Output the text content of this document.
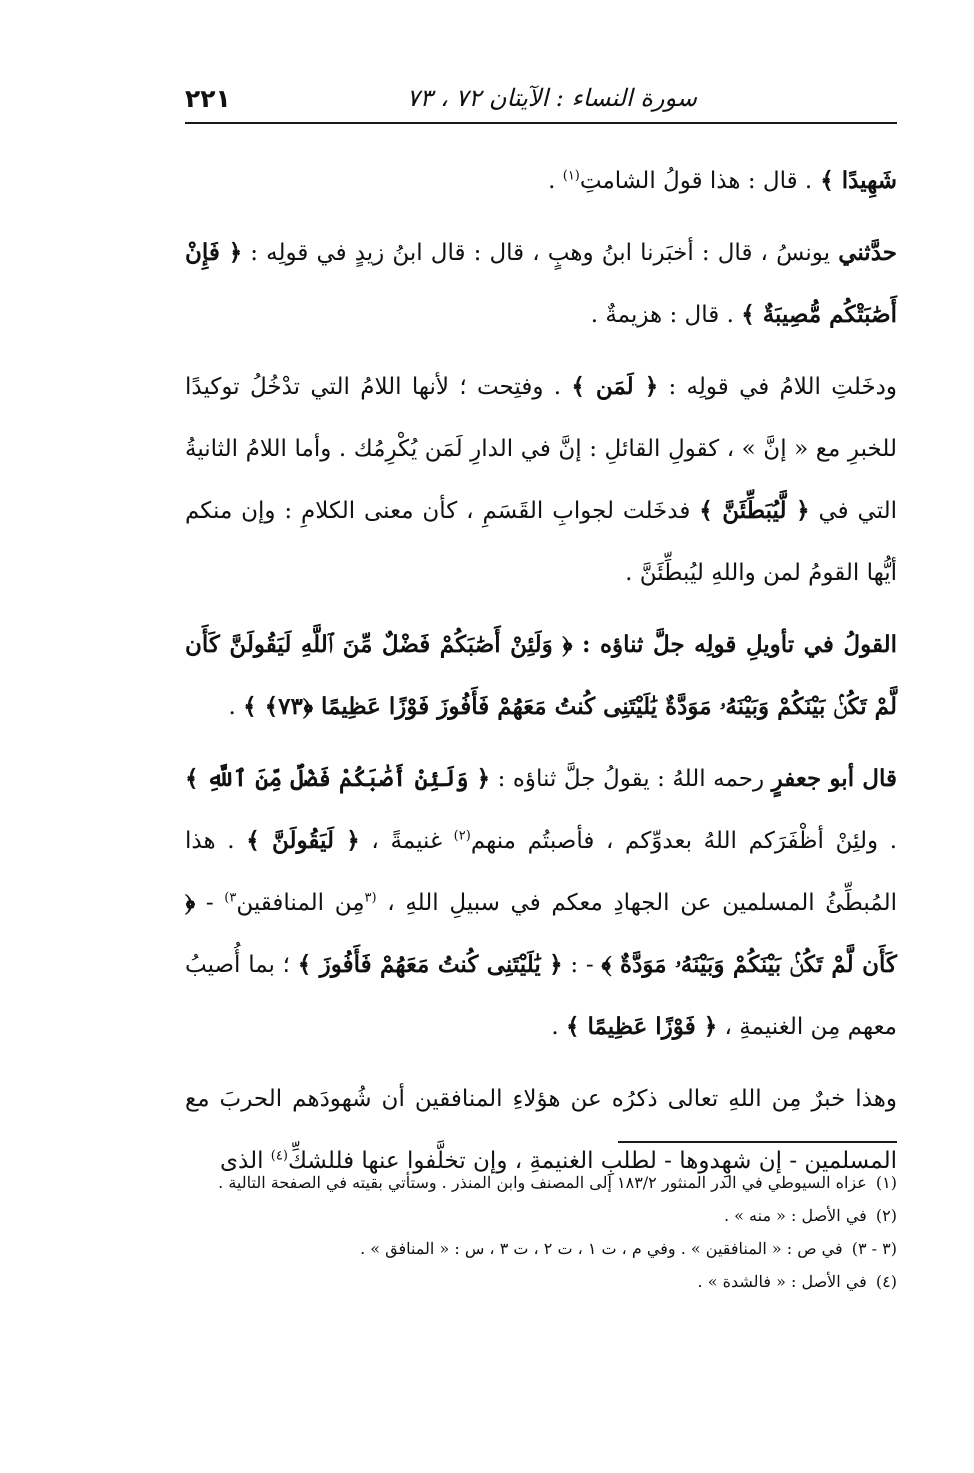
٢٢١	سورة النساء : الآيتان ٧٢ ، ٧٣

شَهِيدًا ﴾ . قال : هذا قولُ الشامتِ$^{(١)}$ .

حدَّثني يونسُ ، قال : أخبَرنا ابنُ وهبٍ ، قال : قال ابنُ زيدٍ في قولِه : ﴿ فَإِنْ أَصَٰبَتْكُم مُّصِيبَةٌ ﴾ . قال : هزيمةٌ .

ودخَلتِ اللامُ في قولِه : ﴿ لَمَن ﴾ . وفتِحت ؛ لأنها اللامُ التي تدْخُلُ توكيدًا للخبرِ مع « إنَّ » ، كقولِ القائلِ : إنَّ في الدارِ لَمَن يُكْرِمُك . وأما اللامُ الثانيةُ التي في ﴿ لَّيُبَطِّئَنَّ ﴾ فدخَلت لجوابِ القَسَمِ ، كأن معنى الكلامِ : وإن منكم أيُّها القومُ لمن واللهِ ليُبطِّئَنَّ .

القولُ في تأويلِ قولِه جلَّ ثناؤه : ﴿ وَلَئِنْ أَصَٰبَكُمْ فَضْلٌ مِّنَ ٱللَّهِ لَيَقُولَنَّ كَأَن لَّمْ تَكُنۢ بَيْنَكُمْ وَبَيْنَهُۥ مَوَدَّةٌ يَٰلَيْتَنِى كُنتُ مَعَهُمْ فَأَفُوزَ فَوْزًا عَظِيمًا ﴿٧٣﴾ ﴾ .

قال أبو جعفرٍ رحمه اللهُ : يقولُ جلَّ ثناؤه : ﴿ وَلَئِنْ أَصَٰبَكُمْ فَضْلٌ مِّنَ ٱللَّهِ ﴾ . ولئِنْ أظْفَرَكم اللهُ بعدوِّكم ، فأصبتُم منهم$^{(٢)}$ غنيمةً ، ﴿ لَيَقُولَنَّ ﴾ . هذا المُبطِّئُ المسلمين عن الجهادِ معكم في سبيلِ اللهِ ، $^{(٣}$مِن المنافقين$^{٣)}$ - ﴿ كَأَن لَّمْ تَكُنۢ بَيْنَكُمْ وَبَيْنَهُۥ مَوَدَّةٌ ﴾ - : ﴿ يَٰلَيْتَنِى كُنتُ مَعَهُمْ فَأَفُوزَ ﴾ ؛ بما أُصيبُ معهم مِن الغنيمةِ ، ﴿ فَوْزًا عَظِيمًا ﴾ .

وهذا خبرٌ مِن اللهِ تعالى ذكرُه عن هؤلاءِ المنافقين أن شُهودَهم الحربَ مع المسلمين - إن شهِدوها - لطلبِ الغنيمةِ ، وإن تخلَّفوا عنها فللشكِّ$^{(٤)}$ الذى

(١) عزاه السيوطي في الدر المنثور ١٨٣/٢ إلى المصنف وابن المنذر . وستأتي بقيته في الصفحة التالية .

(٢) في الأصل : « منه » .

(٣ - ٣) في ص : « المنافقين » . وفي م ، ت ١ ، ت ٢ ، ت ٣ ، س : « المنافق » .

(٤) في الأصل : « فالشدة » .
